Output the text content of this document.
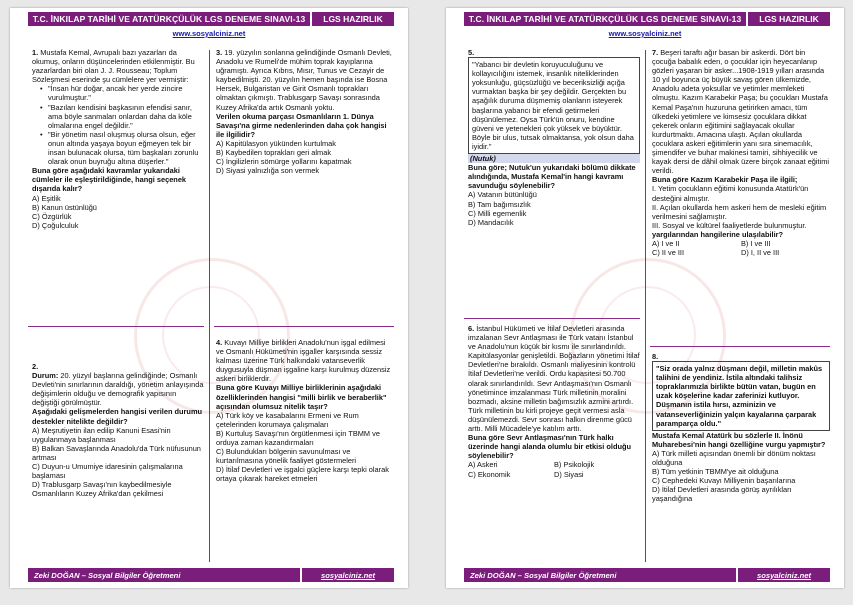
T.C. İNKILAP TARİHİ VE ATATÜRKÇÜLÜK LGS DENEME SINAVI-13	LGS HAZIRLIK
www.sosyalciniz.net

1. Mustafa Kemal, Avrupalı bazı yazarları da okumuş, onların düşüncelerinden etkilenmiştir. Bu yazarlardan biri olan J. J. Rousseau; Toplum Sözleşmesi eserinde şu cümlelere yer vermiştir:

• "İnsan hür doğar, ancak her yerde zincire vurulmuştur."
• "Bazıları kendisini başkasının efendisi sanır, ama böyle sanmaları onlardan daha da köle olmalarına engel değildir."
• "Bir yönetim nasıl oluşmuş olursa olsun, eğer onun altında yaşaya boyun eğmeyen tek bir insan bulunacak olursa, tüm başkaları zorunlu olarak onun buyruğu altına düşerler."

Buna göre aşağıdaki kavramlar yukarıdaki cümleler ile eşleştirildiğinde, hangi seçenek dışarıda kalır?

A) Eşitlik

B) Kanun üstünlüğü

C) Özgürlük

D) Çoğulculuk

2.

Durum: 20. yüzyıl başlarına gelindiğinde; Osmanlı Devleti'nin sınırlarının daraldığı, yönetim anlayışında değişimlerin olduğu ve demografik yapısının değiştiği görülmüştür.

Aşağıdaki gelişmelerden hangisi verilen durumu destekler nitelikte değildir?

A) Meşrutiyetin ilan edilip Kanuni Esasi'nin uygulanmaya başlanması

B) Balkan Savaşlarında Anadolu'da Türk nüfusunun artması

C) Duyun-u Umumiye idaresinin çalışmalarına başlaması

D) Trablusgarp Savaşı'nın kaybedilmesiyle Osmanlıların Kuzey Afrika'dan çekilmesi

3. 19. yüzyılın sonlarına gelindiğinde Osmanlı Devleti, Anadolu ve Rumeli'de mühim toprak kayıplarına uğramıştı. Ayrıca Kıbrıs, Mısır, Tunus ve Cezayir de kaybedilmişti. 20. yüzyılın hemen başında ise Bosna Hersek, Bulgaristan ve Girit Osmanlı toprakları olmaktan çıkmıştı. Trablusgarp Savaşı sonrasında Kuzey Afrika'da artık Osmanlı yoktu.

Verilen okuma parçası Osmanlıların 1. Dünya Savaşı'na girme nedenlerinden daha çok hangisi ile ilgilidir?

A) Kapitülasyon yükünden kurtulmak

B) Kaybedilen toprakları geri almak

C) İngilizlerin sömürge yollarını kapatmak

D) Siyasi yalnızlığa son vermek

4. Kuvayı Milliye birlikleri Anadolu'nun işgal edilmesi ve Osmanlı Hükümeti'nin işgaller karşısında sessiz kalması üzerine Türk halkındaki vatanseverlik duygusuyla düşman işgaline karşı kurulmuş düzensiz askeri birliklerdir.

Buna göre Kuvayı Milliye birliklerinin aşağıdaki özelliklerinden hangisi "milli birlik ve beraberlik" açısından olumsuz nitelik taşır?

A) Türk köy ve kasabalarını Ermeni ve Rum çetelerinden korumaya çalışmaları

B) Kurtuluş Savaşı'nın örgütlenmesi için TBMM ve orduya zaman kazandırmaları

C) Bulundukları bölgenin savunulması ve kurtarılmasına yönelik faaliyet göstermeleri

D) İtilaf Devletleri ve işgalci güçlere karşı tepki olarak ortaya çıkarak hareket etmeleri

Zeki DOĞAN – Sosyal Bilgiler Öğretmeni	sosyalciniz.net
T.C. İNKILAP TARİHİ VE ATATÜRKÇÜLÜK LGS DENEME SINAVI-13	LGS HAZIRLIK
www.sosyalciniz.net

5.

"Yabancı bir devletin koruyuculuğunu ve kollayıcılığını istemek, insanlık niteliklerinden yoksunluğu, güçsüzlüğü ve beceriksizliği açığa vurmaktan başka bir şey değildir. Gerçekten bu aşağılık duruma düşmemiş olanların isteyerek başlarına yabancı bir efendi getirmeleri düşünülemez. Oysa Türk'ün onuru, kendine güveni ve yetenekleri çok yüksek ve büyüktür. Böyle bir ulus, tutsak olmaktansa, yok olsun daha iyidir."

(Nutuk)

Buna göre; Nutuk'un yukarıdaki bölümü dikkate alındığında, Mustafa Kemal'in hangi kavramı savunduğu söylenebilir?

A) Vatanın bütünlüğü

B) Tam bağımsızlık

C) Milli egemenlik

D) Mandacılık

6. İstanbul Hükümeti ve İtilaf Devletleri arasında imzalanan Sevr Antlaşması ile Türk vatanı İstanbul ve Anadolu'nun küçük bir kısmı ile sınırlandırıldı. Kapitülasyonlar genişletildi. Boğazların yönetimi İtilaf Devletleri'ne bırakıldı. Osmanlı maliyesinin kontrolü İtilaf Devletleri'ne verildi. Ordu kapasitesi 50.700 olarak sınırlandırıldı. Sevr Antlaşması'nın Osmanlı yönetimince imzalanması Türk milletinin moralini bozmadı, aksine milletin bağımsızlık azmini artırdı. Türk milletinin bu kirli projeye geçit vermesi asla düşünülemezdi. Sevr sonrası halkın direnme gücü arttı. Milli Mücadele'ye katılım arttı.

Buna göre Sevr Antlaşması'nın Türk halkı üzerinde hangi alanda olumlu bir etkisi olduğu söylenebilir?

A) Askeri	B) Psikolojik
C) Ekonomik	D) Siyasi

7. Beşeri taraftı ağır basan bir askerdi. Dört bin çocuğa babalık eden, o çocuklar için heyecanlanıp gözleri yaşaran bir asker...1908-1919 yılları arasında 10 yıl boyunca üç büyük savaş gören ülkemizde, Anadolu adeta yoksullar ve yetimler memleketi olmuştu. Kazım Karabekir Paşa; bu çocukları Mustafa Kemal Paşa'nın huzuruna getirirken amacı, tüm ülkedeki yetimlere ve kimsesiz çocuklara dikkat çekerek onların eğitimini sağlayacak okullar kurdurtmaktı. Amacına ulaştı. Açılan okullarda çocuklara askeri eğitimlerin yanı sıra sinemacılık, şimendifer ve buhar makinesi tamiri, sihhiyecilik ve kayak dersi de dâhil olmak üzere birçok zanaat eğitimi verildi.

Buna göre Kazım Karabekir Paşa ile ilgili;

I. Yetim çocukların eğitimi konusunda Atatürk'ün desteğini almıştır.

II. Açılan okullarda hem askeri hem de mesleki eğitim verilmesini sağlamıştır.

III. Sosyal ve kültürel faaliyetlerde bulunmuştur.

yargılarından hangilerine ulaşılabilir?

A) I ve II	B) I ve III
C) II ve III	D) I, II ve III

8.

"Siz orada yalnız düşmanı değil, milletin makûs talihini de yendiniz. İstila altındaki talihsiz topraklarımızla birlikte bütün vatan, bugün en uzak köşelerine kadar zaferinizi kutluyor. Düşmanın istila hırsı, azminizin ve vatanseverliğinizin yalçın kayalarına çarparak paramparça oldu."

Mustafa Kemal Atatürk bu sözlerle II. İnönü Muharebesi'nin hangi özelliğine vurgu yapmıştır?

A) Türk milleti açısından önemli bir dönüm noktası olduğuna

B) Tüm yetkinin TBMM'ye ait olduğuna

C) Cephedeki Kuvayı Milliyenin başarılarına

D) İtilaf Devletleri arasında görüş ayrılıkları yaşandığına

Zeki DOĞAN – Sosyal Bilgiler Öğretmeni	sosyalciniz.net
